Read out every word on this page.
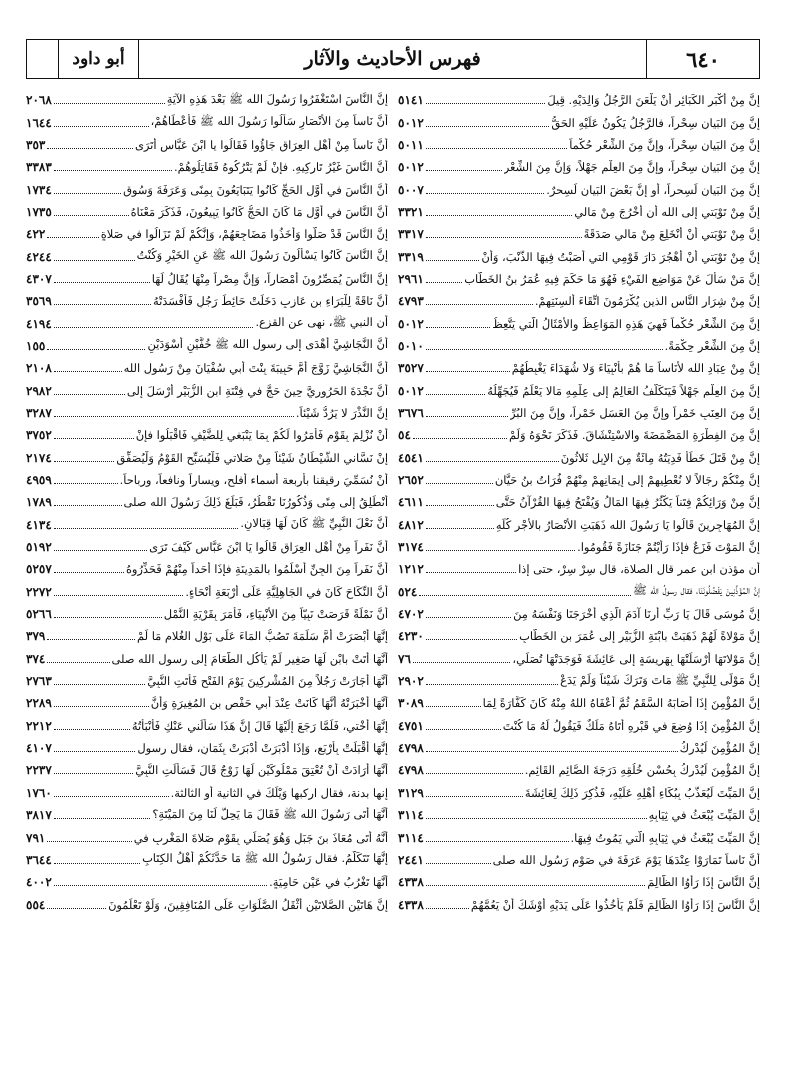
أبو داود	فهرس الأحاديث والآثار	٦٤٠
إنَّ مِنْ أَكْبَرِ الكَبَائِرِ أَنْ يَلْعَنَ الرَّجُلُ وَالِدَيْهِ. قِيلَ
٥١٤١
إنَّ مِنَ البَيانِ سِحْراً، فالرَّجُلُ يَكُونُ عَلَيْهِ الحَقُّ
٥٠١٢
إنَّ مِنَ البَيانِ سِحْراً، وإنَّ مِنَ الشِّعْرِ حُكْماً
٥٠١١
إنَّ مِنَ البَيانِ سِحْراً، وإنَّ مِنَ العِلْمِ جَهْلاً، وَإنَّ مِنَ الشِّعْرِ
٥٠١٢
إنَّ مِنَ البَيانِ لَسِحراً، أو إنَّ بَعْضَ البَيانِ لَسِحرٌ.
٥٠٠٧
إنَّ مِنْ تَوْبَتي إلى الله أن أَخْرُجَ مِنْ مَالي
٣٣٢١
إنَّ مِنْ تَوْبَتي أنْ أنْخَلِعَ مِنْ مَالي صَدَقَةً
٣٣١٧
إنَّ مِنْ تَوْبَتي أنْ أهْجُرَ دَارَ قَوْمِي التي أصَبْتُ فِيهَا الذَّنْبَ، وَأنْ
٣٣١٩
إنَّ مَنْ سَأَلَ عَنْ مَوَاضِعِ الفَيْءِ فَهُوَ مَا حَكَمَ فِيهِ عُمَرُ بنُ الخَطَّاب
٢٩٦١
إنَّ مِنْ شِرَارِ النَّاسِ الذين يُكْرَمُونَ اتِّقَاءَ ألسِنَتِهِمْ.
٤٧٩٣
إنَّ مِنَ الشِّعْرِ حُكْماً فَهِيَ هَذِهِ المَوَاعِظُ والأمْثَالُ الَّتي يَتَّعِظُ
٥٠١٢
إنَّ مِنَ الشِّعْرِ حِكْمَةً.
٥٠١٠
إنَّ مِنْ عِبَادِ الله لأُنَاساً مَا هُمْ بأنْبِيَاءَ وَلا شُهَدَاءَ يَغْبِطُهُمْ
٣٥٢٧
إنَّ مِنَ العِلْمِ جَهْلاً فَيَتَكَلَّفُ العَالِمُ إلى عِلْمِهِ مَالا يَعْلَمُ فَيُجَهِّلُهُ
٥٠١٢
إنَّ مِنَ العِنَبِ خَمْراً وإنَّ مِنَ العَسَلِ خَمْراً، وإنَّ مِنَ البُرِّ
٣٦٧٦
إنَّ مِنَ الفِطْرَةِ المَضْمَضَةَ والاسْتِنْشَاقَ. فَذَكَرَ نَحْوَهُ وَلَمْ
٥٤
إنَّ مِنْ قَتَلَ خَطَأً فَدِيَتُهُ مِائَةٌ مِنَ الإبِلِ ثَلاثُونَ
٤٥٤١
إنَّ مِنْكُمْ رِجَالاً لا نُعْطِيهِمْ إلى إيمَانِهِمْ مِنْهُمْ فُرَاتُ بنُ حَيَّان
٢٦٥٢
إنَّ مِنْ وَرَائِكُمْ فِتَناً يَكْثُرُ فِيهَا المَالُ وَيُفْتَحُ فِيهَا القُرْآنُ حَتَّى
٤٦١١
إنَّ المُهَاجِرِينَ قَالُوا يَا رَسُولَ الله ذَهَبَتِ الأنْصَارُ بالأجْرِ كُلِّهِ
٤٨١٢
إنَّ المَوْتَ فَزَعٌ فإذَا رَأَيْتُمْ جَنَازَةً فَقُومُوا.
٣١٧٤
أن مؤذن ابن عمر قال الصلاة، قال سِرْ سِرْ، حتى إذا
١٢١٢
إنَّ المُؤَذِّنِينَ يَفْضُلُونَنَا، فقال رسولُ الله ﷺ
٥٢٤
إنَّ مُوسَى قَالَ يَا رَبِّ أرِنَا آدَمَ الَّذِي أخْرَجَنَا وَنَفْسَهُ مِنَ
٤٧٠٢
إنَّ مَوْلاةً لَهُمْ ذَهَبَتْ بابْنَةِ الزُّبَيْرِ إلى عُمَرَ بنِ الخَطَّابِ
٤٢٣٠
إنَّ مَوْلاتَهَا أرْسَلَتْهَا بِهَرِيسَةٍ إلى عَائِشَةَ فَوَجَدَتْهَا تُصَلِّي،
٧٦
إنَّ مَوْلًى لِلنَّبِيِّ ﷺ مَاتَ وَتَرَكَ شَيْئاً وَلَمْ يَدَعْ
٢٩٠٢
إنَّ المُؤْمِنَ إذَا أصَابَهُ السَّقَمُ ثُمَّ أعْفَاهُ اللهُ مِنْهُ كَانَ كَفَّارَةً لِمَا
٣٠٨٩
إنَّ المُؤْمِنَ إذَا وُضِعَ في قَبْرِهِ أتَاهُ مَلَكٌ فَيَقُولُ لَهُ مَا كُنْتَ
٤٧٥١
إنَّ المُؤْمِنَ لَيُدْرِكُ
٤٧٩٨
إنَّ المُؤْمِنَ لَيُدْرِكُ بِحُسْنِ خُلُقِهِ دَرَجَةَ الصَّائِمِ القَائِمِ.
٤٧٩٨
إنَّ المَيِّتَ لَيُعَذَّبُ بِبُكَاءِ أهْلِهِ عَلَيْهِ، فَذُكِرَ ذَلِكَ لِعَائِشَةَ
٣١٢٩
إنَّ المَيِّتَ يُبْعَثُ في ثِيَابِهِ
٣١١٤
إنَّ المَيِّتَ يُبْعَثُ في ثِيَابِهِ الَّتي يَمُوتُ فِيهَا.
٣١١٤
أنَّ نَاساً تَمَارَوْا عِنْدَهَا يَوْمَ عَرَفَةَ في صَوْمِ رَسُولِ الله صلى
٢٤٤١
إنَّ النَّاسَ إذَا رَأَوُا الظَّالِمَ
٤٣٣٨
إنَّ النَّاسَ إذَا رَأَوُا الظَّالِمَ فَلَمْ يَأْخُذُوا عَلَى يَدَيْهِ أوْشَكَ أنْ يَعُمَّهُمْ
٤٣٣٨
إنَّ النَّاسَ اسْتَغْفَرُوا رَسُولَ الله ﷺ بَعْدَ هَذِهِ الآيَةِ
٢٠٦٨
أنَّ نَاساً مِنَ الأنْصَارِ سَأَلُوا رَسُولَ الله ﷺ فَأعْطَاهُمْ،
١٦٤٤
أنَّ نَاساً مِنْ أهْلِ العِرَاقِ جَاؤُوا فَقَالُوا يا ابْنَ عَبَّاسٍ أتَرَى
٣٥٣
أنَّ النَّاسَ غَيْرُ تَارِكِيهِ. فإنْ لَمْ يَتْرُكُوهُ فَقَاتِلُوهُمْ.
٣٣٨٣
أنَّ النَّاسَ في أوَّلِ الحَجِّ كَانُوا يَتَبَايَعُونَ بِمِنًى وَعَرَفَةَ وَسُوقِ
١٧٣٤
أنَّ النَّاسَ في أوَّلِ مَا كَانَ الحَجُّ كَانُوا يَبِيعُونَ، فَذَكَرَ مَعْنَاهُ
١٧٣٥
إنَّ النَّاسَ قَدْ صَلَّوا وَأخَذُوا مَضَاجِعَهُمْ، وَإنَّكُمْ لَمْ تَزَالُوا في صَلاةٍ
٤٢٢
إنَّ النَّاسَ كَانُوا يَسْأَلُونَ رَسُولَ الله ﷺ عَنِ الخَيْرِ وَكُنْتُ
٤٢٤٤
إنَّ النَّاسَ يُمَصِّرُونَ أمْصَاراً، وَإنَّ مِصْراً مِنْهَا يُقَالُ لَهَا
٤٣٠٧
أنَّ نَاقَةً لِلْبَرَاءِ بنِ عَازِبٍ دَخَلَتْ حَائِطَ رَجُلٍ فَأفْسَدَتْهُ
٣٥٦٩
أن النبي ﷺ، نهى عن القزع.
٤١٩٤
أنَّ النَّجَاشِيَّ أهْدَى إلى رسول الله ﷺ خُفَّيْنِ أسْوَدَيْنِ
١٥٥
أنَّ النَّجَاشِيَّ زَوَّجَ أُمَّ حَبِيبَةَ بِنْتَ أبي سُفْيَانَ مِنْ رَسُولِ الله
٢١٠٨
أنَّ نَجْدَةَ الحَرُورِيَّ حِينَ حَجَّ في فِتْنَةِ ابنِ الزُّبَيْرِ أرْسَلَ إلى
٢٩٨٢
إنَّ النَّذْرَ لا يَرُدُّ شَيْئاً.
٣٢٨٧
أنْ نُزْلِمَ بِقَوْمٍ فَأمَرُوا لَكُمْ بِمَا يَنْبَغي لِلضَّيْفِ فَاقْبَلُوا فإنْ
٣٧٥٢
إنْ نَسَّاني الشَّيْطَانُ شَيْئاً مِنْ صَلاتي فَلْيُسَبِّحِ القَوْمُ وَلْيُصَفِّقِ
٢١٧٤
أنْ نُسَمِّيَ رقيقنا بأربعة أسماء أفلح، ويساراً ونافعاً، ورباحاً.
٤٩٥٩
أنْطَلِقُ إلى مِنًى وَذُكُورُنَا تَقْطُرُ، فَبَلَغَ ذَلِكَ رَسُولَ الله صلى
١٧٨٩
أنَّ نَعْلَ النَّبِيِّ ﷺ كَانَ لَهَا قِبَالانِ.
٤١٣٤
أنَّ نَفَراً مِنْ أهْلِ العِرَاقِ قَالُوا يَا ابْنَ عَبَّاسٍ كَيْفَ تَرَى
٥١٩٢
أنَّ نَفَراً مِنَ الجِنِّ أسْلَمُوا بالمَدِينَةِ فإذَا أحَداً مِنْهُمْ فَحَذِّرُوهُ
٥٢٥٧
أنَّ النِّكَاحَ كَانَ في الجَاهِلِيَّةِ عَلَى أرْبَعَةِ أنْحَاءٍ.
٢٢٧٢
أنَّ نَمْلَةً قَرَصَتْ نَبِيّاً مِنَ الأنْبِيَاءِ، فَأمَرَ بِقَرْيَةِ النَّمْلِ
٥٢٦٦
إنَّهَا أبْصَرَتْ أُمَّ سَلَمَةَ تَصُبُّ المَاءَ عَلَى بَوْلِ الغُلامِ مَا لَمْ
٣٧٩
أنَّهَا أتَتْ بابْنٍ لَهَا صَغِيرٍ لَمْ يَأْكُلِ الطَّعَامَ إلى رسول الله صلى
٣٧٤
أنَّهَا أجَارَتْ رَجُلاً مِنَ المُشْرِكِينَ يَوْمَ الفَتْحِ فَأتَتِ النَّبِيَّ
٢٧٦٣
أنَّهَا أخْبَرَتْهُ أنَّهَا كَانَتْ عِنْدَ أبي حَفْصِ بنِ المُغِيرَةِ وَأنَّ
٢٢٨٩
إنَّهَا أُخْتي، فَلَمَّا رَجَعَ إلَيْهَا قَالَ إنَّ هَذَا سَأَلَني عَنْكِ فَأنْبَأْتُهُ
٢٢١٢
إنَّهَا أقْبَلَتْ بِأرْبَعٍ، وَإذَا أدْبَرَتْ أدْبَرَتْ بِثَمَانٍ، فقال رسول
٤١٠٧
أنَّهَا أرَادَتْ أنْ تُعْتِقَ مَمْلُوكَيْنِ لَهَا زَوْجٌ قَالَ فَسَأَلَتِ النَّبِيَّ
٢٢٣٧
إنها بدنة، فقال اركبها وَيْلَكَ في الثانية أو الثالثة.
١٧٦٠
أنَّهَا أتَى رَسُولَ الله ﷺ فَقَالَ مَا يَحِلُّ لَنَا مِنَ المَيْتَةِ؟
٣٨١٧
أنَّهُ أتَى مُعَاذَ بنَ جَبَلٍ وَهُوَ يُصَلِّي بِقَوْمٍ صَلاةَ المَغْرِبِ في
٧٩١
إنَّهَا تَتَكَلَّمُ. فقال رَسُولُ الله ﷺ مَا حَدَّثَكُمْ أهْلُ الكِتَابِ
٣٦٤٤
أنَّهَا تَغْرُبُ في عَيْنٍ حَامِيَةٍ.
٤٠٠٢
إنَّ هَاتَيْنِ الصَّلاتَيْنِ أثْقَلُ الصَّلَوَاتِ عَلَى المُنَافِقِينَ، وَلَوْ تَعْلَمُونَ
٥٥٤
